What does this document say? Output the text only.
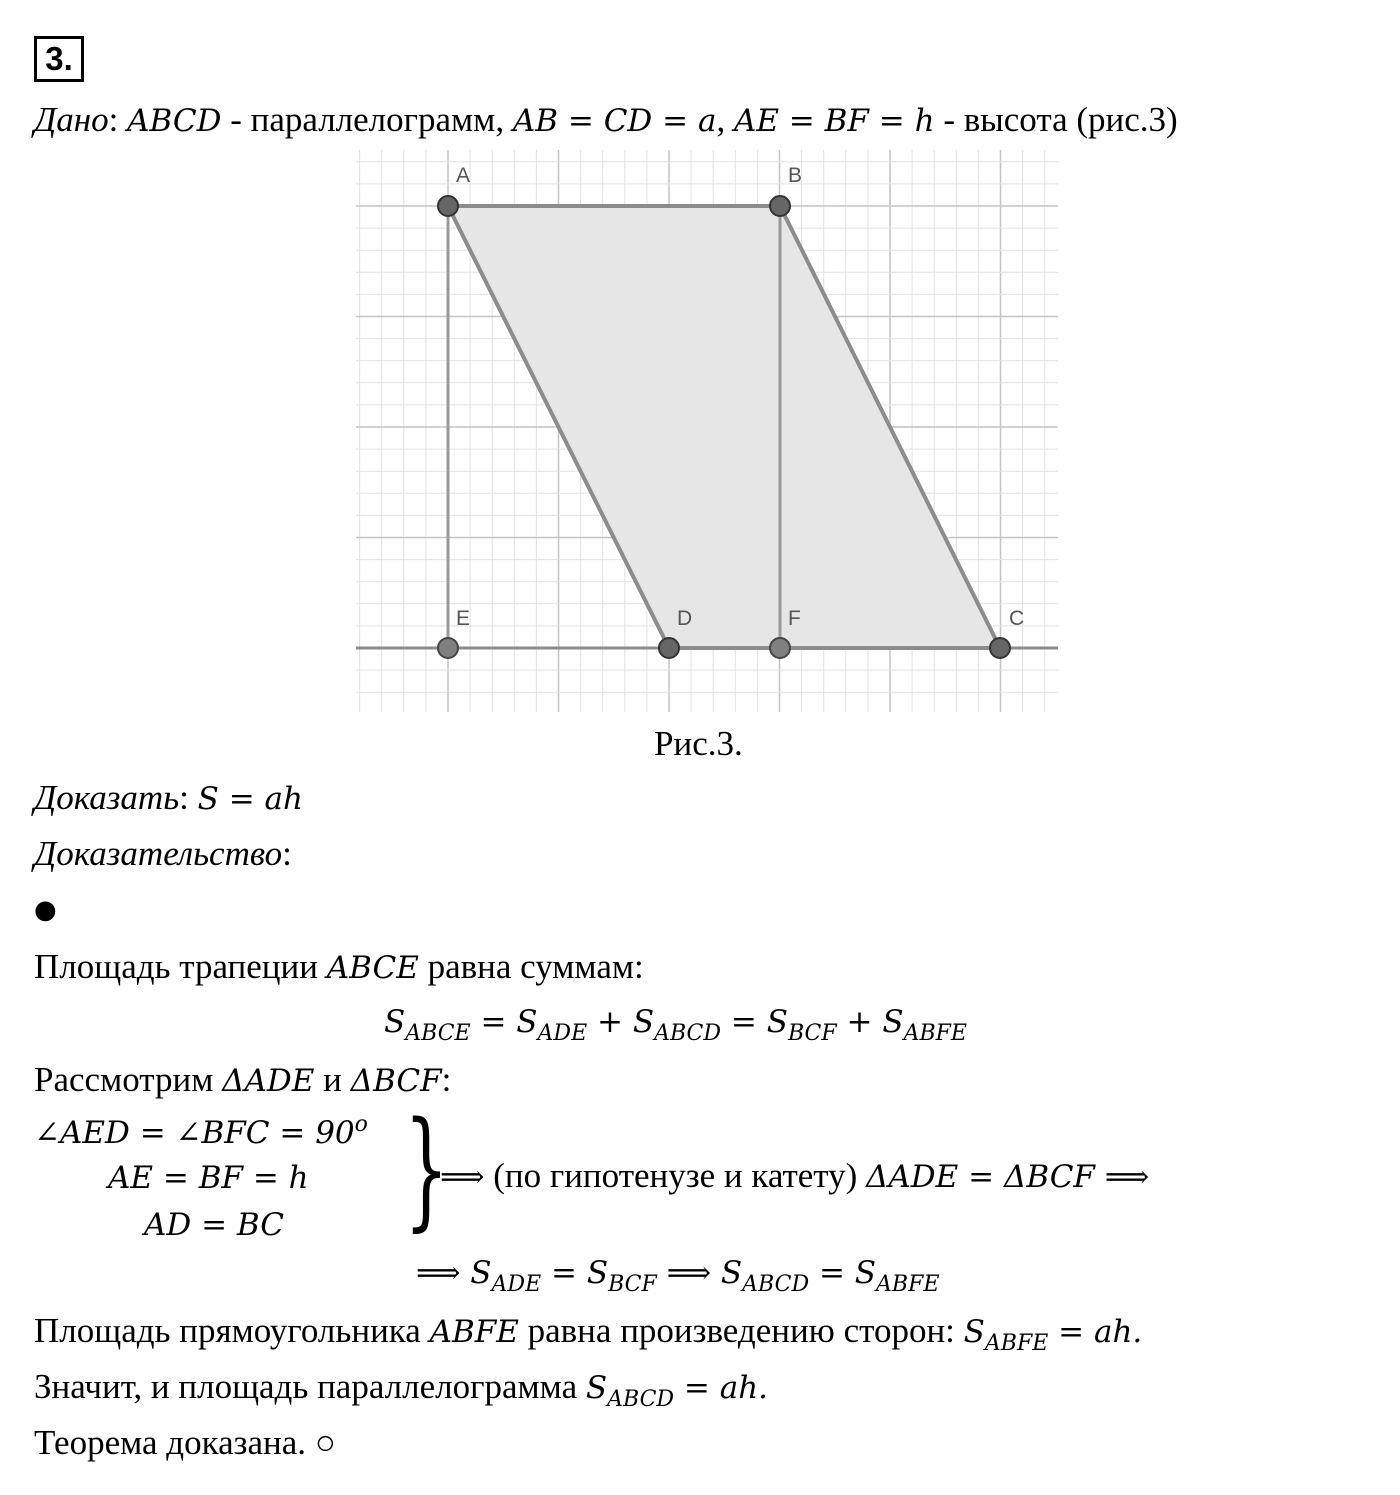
3.
Дано: ABCD - параллелограмм, AB = CD = a, AE = BF = h - высота (рис.3)
A	B
E	D	F	C
Рис.3.
Доказать: S = ah
Доказательство:
●
Площадь трапеции ABCE равна суммам:
$S_{ABCE} = S_{ADE} + S_{ABCD} = S_{BCF} + S_{ABFE}$
Рассмотрим ΔADE и ΔBCF:
∠AED = ∠BFC = $90^o$
AE = BF = h
AD = BC }
⟹ (по гипотенузе и катету) ΔADE = ΔBCF ⟹
⟹ $S_{ADE} = S_{BCF}$ ⟹ $S_{ABCD} = S_{ABFE}$
Площадь прямоугольника ABFE равна произведению сторон: $S_{ABFE}$ = ah.
Значит, и площадь параллелограмма $S_{ABCD}$ = ah.
Теорема доказана. ○
